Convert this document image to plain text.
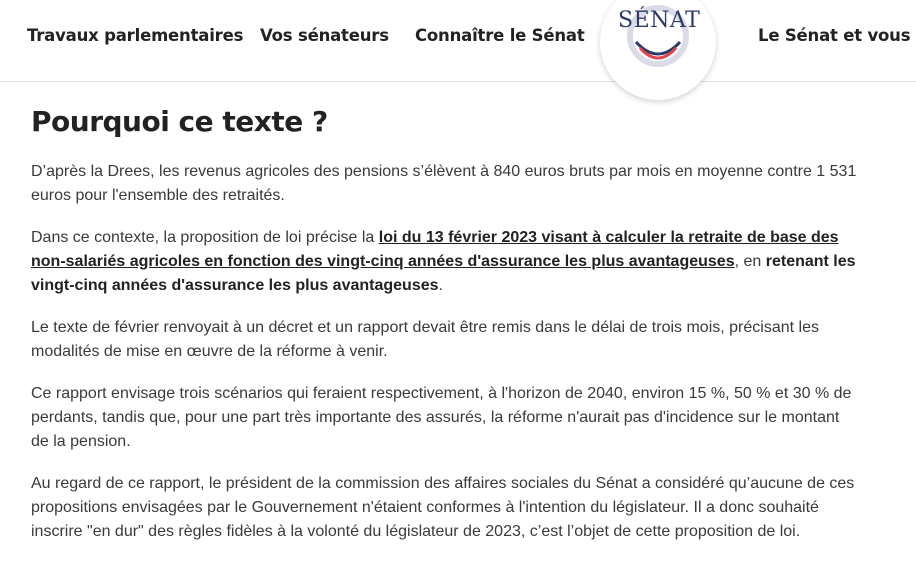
Travaux parlementaires Vos sénateurs Connaître le Sénat	Le Sénat et vous
SÉNAT
Pourquoi ce texte ?

D’après la Drees, les revenus agricoles des pensions s’élèvent à 840 euros bruts par mois en moyenne contre 1 531 euros pour l'ensemble des retraités.

Dans ce contexte, la proposition de loi précise la loi du 13 février 2023 visant à calculer la retraite de base des non-salariés agricoles en fonction des vingt-cinq années d'assurance les plus avantageuses, en retenant les vingt-cinq années d'assurance les plus avantageuses.

Le texte de février renvoyait à un décret et un rapport devait être remis dans le délai de trois mois, précisant les modalités de mise en œuvre de la réforme à venir.

Ce rapport envisage trois scénarios qui feraient respectivement, à l'horizon de 2040, environ 15 %, 50 % et 30 % de perdants, tandis que, pour une part très importante des assurés, la réforme n'aurait pas d'incidence sur le montant de la pension.

Au regard de ce rapport, le président de la commission des affaires sociales du Sénat a considéré qu’aucune de ces propositions envisagées par le Gouvernement n'étaient conformes à l'intention du législateur. Il a donc souhaité inscrire "en dur" des règles fidèles à la volonté du législateur de 2023, c’est l’objet de cette proposition de loi.
